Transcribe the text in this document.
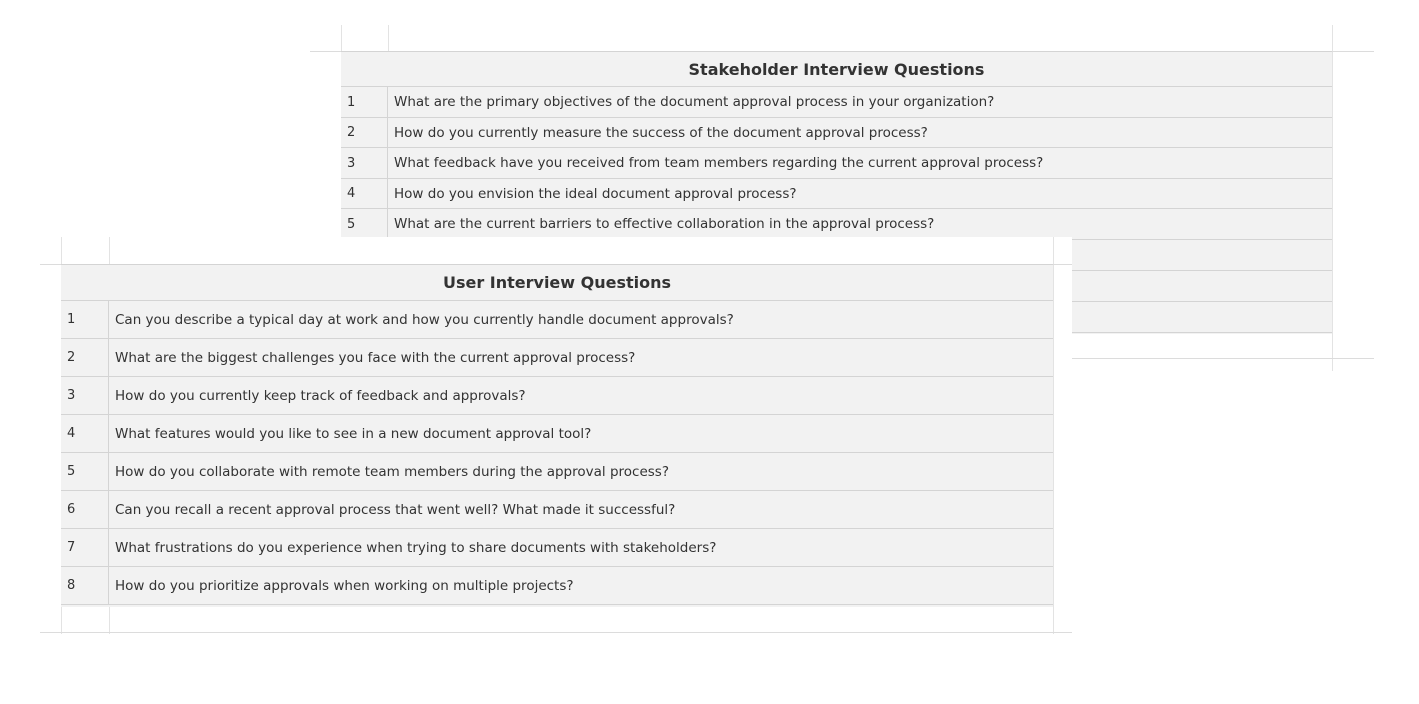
Stakeholder Interview Questions
1	What are the primary objectives of the document approval process in your organization?
2	How do you currently measure the success of the document approval process?
3	What feedback have you received from team members regarding the current approval process?
4	How do you envision the ideal document approval process?
5	What are the current barriers to effective collaboration in the approval process?
User Interview Questions
1	Can you describe a typical day at work and how you currently handle document approvals?
2	What are the biggest challenges you face with the current approval process?
3	How do you currently keep track of feedback and approvals?
4	What features would you like to see in a new document approval tool?
5	How do you collaborate with remote team members during the approval process?
6	Can you recall a recent approval process that went well? What made it successful?
7	What frustrations do you experience when trying to share documents with stakeholders?
8	How do you prioritize approvals when working on multiple projects?
